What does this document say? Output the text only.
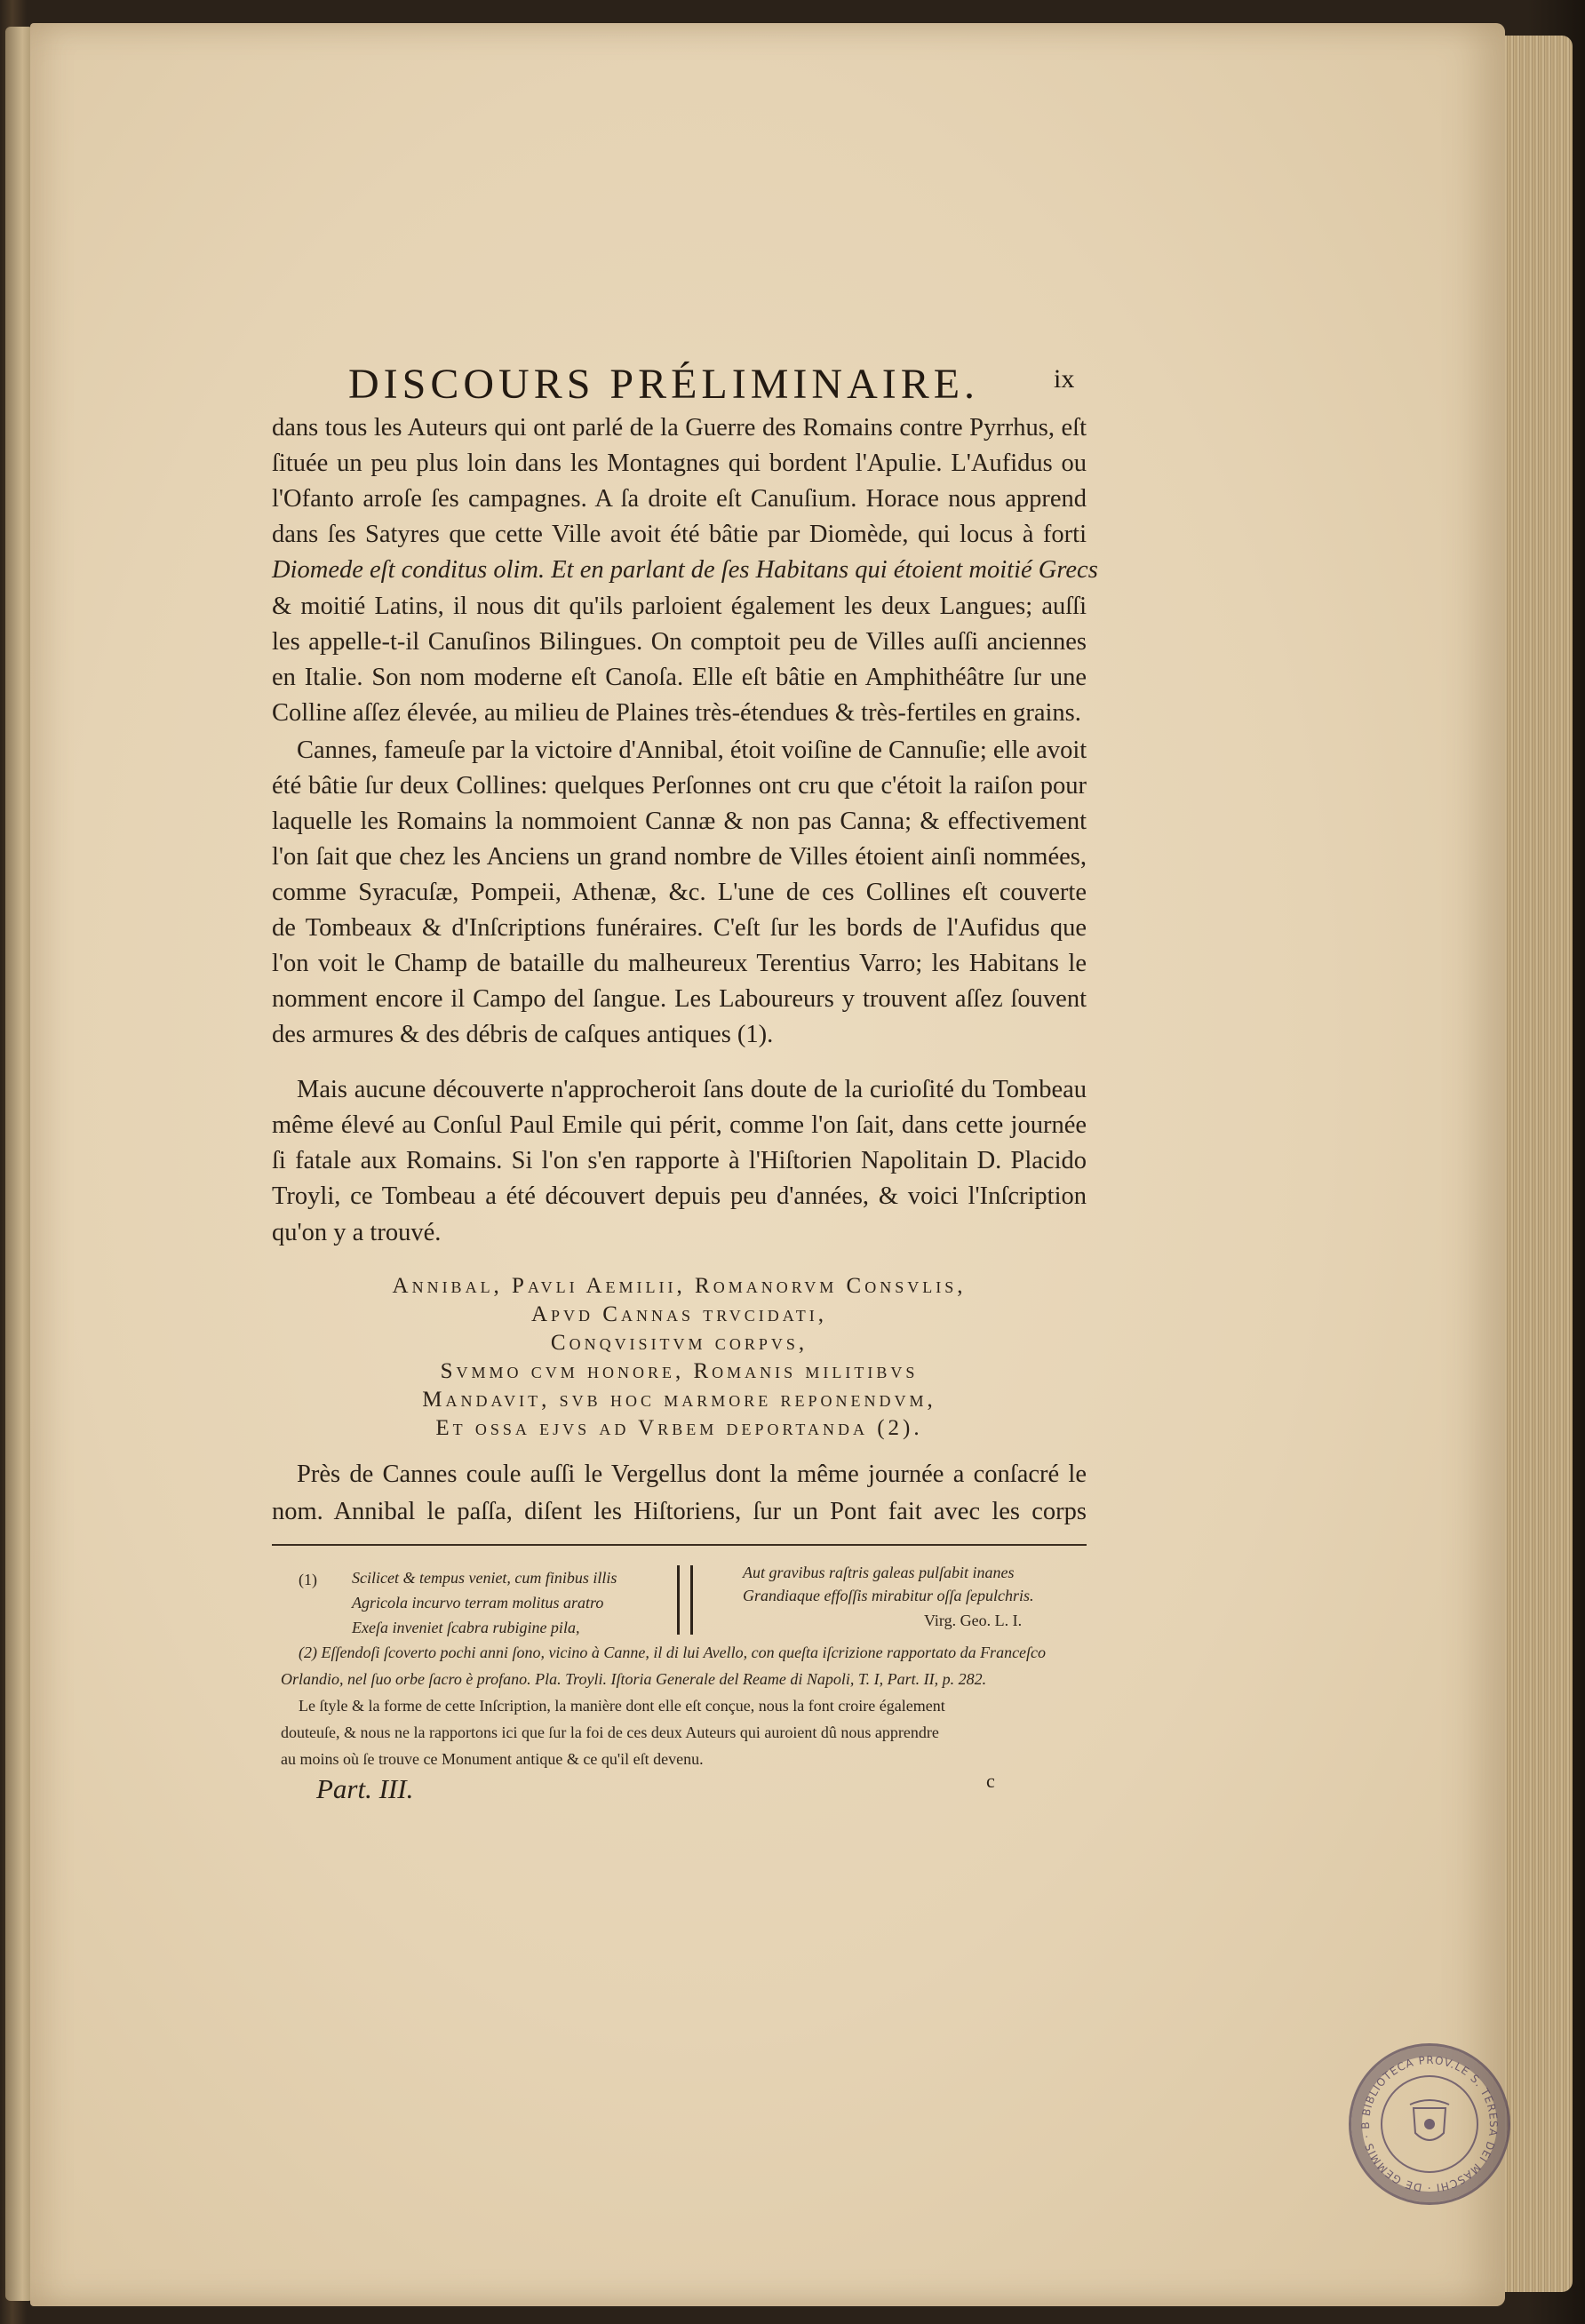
DISCOURS PRÉLIMINAIRE.	ix
dans tous les Auteurs qui ont parlé de la Guerre des Romains contre Pyrrhus, eſt
ſituée un peu plus loin dans les Montagnes qui bordent l'Apulie. L'Aufidus ou
l'Ofanto arroſe ſes campagnes. A ſa droite eſt Canuſium. Horace nous apprend
dans ſes Satyres que cette Ville avoit été bâtie par Diomède, qui locus à forti
Diomede eſt conditus olim. Et en parlant de ſes Habitans qui étoient moitié Grecs
& moitié Latins, il nous dit qu'ils parloient également les deux Langues; auſſi
les appelle-t-il Canuſinos Bilingues. On comptoit peu de Villes auſſi anciennes
en Italie. Son nom moderne eſt Canoſa. Elle eſt bâtie en Amphithéâtre ſur une
Colline aſſez élevée, au milieu de Plaines très-étendues & très-fertiles en grains.
Cannes, fameuſe par la victoire d'Annibal, étoit voiſine de Cannuſie; elle avoit
été bâtie ſur deux Collines: quelques Perſonnes ont cru que c'étoit la raiſon pour
laquelle les Romains la nommoient Cannæ & non pas Canna; & effectivement
l'on ſait que chez les Anciens un grand nombre de Villes étoient ainſi nommées,
comme Syracuſæ, Pompeii, Athenæ, &c. L'une de ces Collines eſt couverte
de Tombeaux & d'Inſcriptions funéraires. C'eſt ſur les bords de l'Aufidus que
l'on voit le Champ de bataille du malheureux Terentius Varro; les Habitans le
nomment encore il Campo del ſangue. Les Laboureurs y trouvent aſſez ſouvent
des armures & des débris de caſques antiques (1).
Mais aucune découverte n'approcheroit ſans doute de la curioſité du Tombeau
même élevé au Conſul Paul Emile qui périt, comme l'on ſait, dans cette journée
ſi fatale aux Romains. Si l'on s'en rapporte à l'Hiſtorien Napolitain D. Placido
Troyli, ce Tombeau a été découvert depuis peu d'années, & voici l'Inſcription
qu'on y a trouvé.
Annibal, Pavli Aemilii, Romanorvm Consvlis,
Apvd Cannas trvcidati,
Conqvisitvm corpvs,
Svmmo cvm honore, Romanis militibvs
Mandavit, svb hoc marmore reponendvm,
Et ossa ejvs ad Vrbem deportanda (2).
Près de Cannes coule auſſi le Vergellus dont la même journée a conſacré le
nom. Annibal le paſſa, diſent les Hiſtoriens, ſur un Pont fait avec les corps
(1) Scilicet & tempus veniet, cum finibus illis
Agricola incurvo terram molitus aratro
Exeſa inveniet ſcabra rubigine pila,
Aut gravibus raſtris galeas pulſabit inanes
Grandiaque effoſſis mirabitur oſſa ſepulchris.
Virg. Geo. L. I.
(2) Eſſendoſi ſcoverto pochi anni ſono, vicino à Canne, il di lui Avello, con queſta iſcrizione rapportato da Franceſco
Orlandio, nel ſuo orbe ſacro è profano. Pla. Troyli. Iſtoria Generale del Reame di Napoli, T. I, Part. II, p. 282.
Le ſtyle & la forme de cette Inſcription, la manière dont elle eſt conçue, nous la font croire également
douteuſe, & nous ne la rapportons ici que ſur la foi de ces deux Auteurs qui auroient dû nous apprendre
au moins où ſe trouve ce Monument antique & ce qu'il eſt devenu.
Part. III.	c
BIBLIOTECA PROV.LE S. TERESA DEI MASCHI · DE GEMMIS · B
